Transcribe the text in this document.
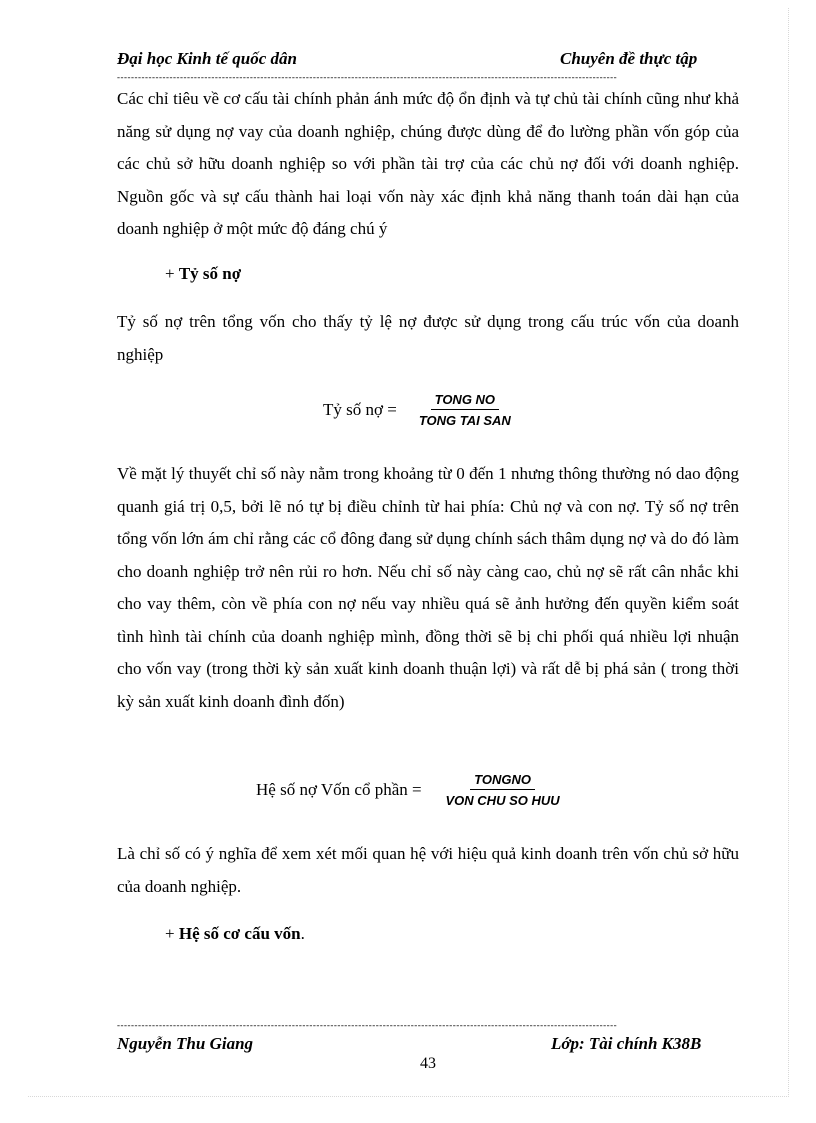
Đại học Kinh tế quốc dân	Chuyên đề thực tập
-----------------------------------------------------------------------------------------------------------------------------------------------

Các chỉ tiêu về cơ cấu tài chính phản ánh mức độ ổn định và tự chủ tài chính cũng như khả năng sử dụng nợ vay của doanh nghiệp, chúng được dùng để đo lường phần vốn góp của các chủ sở hữu doanh nghiệp so với phần tài trợ của các chủ nợ đối với doanh nghiệp. Nguồn gốc và sự cấu thành hai loại vốn này xác định khả năng thanh toán dài hạn của doanh nghiệp ở một mức độ đáng chú ý

+ Tỷ số nợ

Tỷ số nợ trên tổng vốn cho thấy tỷ lệ nợ được sử dụng trong cấu trúc vốn của doanh nghiệp

Tỷ số nợ = $\frac{\text{TONG NO}}{\text{TONG TAI SAN}}$

Về mặt lý thuyết chỉ số này nằm trong khoảng từ 0 đến 1 nhưng thông thường nó dao động quanh giá trị 0,5, bởi lẽ nó tự bị điều chỉnh từ hai phía: Chủ nợ và con nợ. Tỷ số nợ trên tổng vốn lớn ám chỉ rằng các cổ đông đang sử dụng chính sách thâm dụng nợ và do đó làm cho doanh nghiệp trở nên rủi ro hơn. Nếu chỉ số này càng cao, chủ nợ sẽ rất cân nhắc khi cho vay thêm, còn về phía con nợ nếu vay nhiều quá sẽ ảnh hưởng đến quyền kiểm soát tình hình tài chính của doanh nghiệp mình, đồng thời sẽ bị chi phối quá nhiều lợi nhuận cho vốn vay (trong thời kỳ sản xuất kinh doanh thuận lợi) và rất dễ bị phá sản ( trong thời kỳ sản xuất kinh doanh đình đốn)

Hệ số nợ Vốn cổ phần = $\frac{\text{TONGNO}}{\text{VON CHU SO HUU}}$

Là chỉ số có ý nghĩa để xem xét mối quan hệ với hiệu quả kinh doanh trên vốn chủ sở hữu của doanh nghiệp.

+ Hệ số cơ cấu vốn.
-----------------------------------------------------------------------------------------------------------------------------------------------
Nguyễn Thu Giang	Lớp: Tài chính K38B
43
